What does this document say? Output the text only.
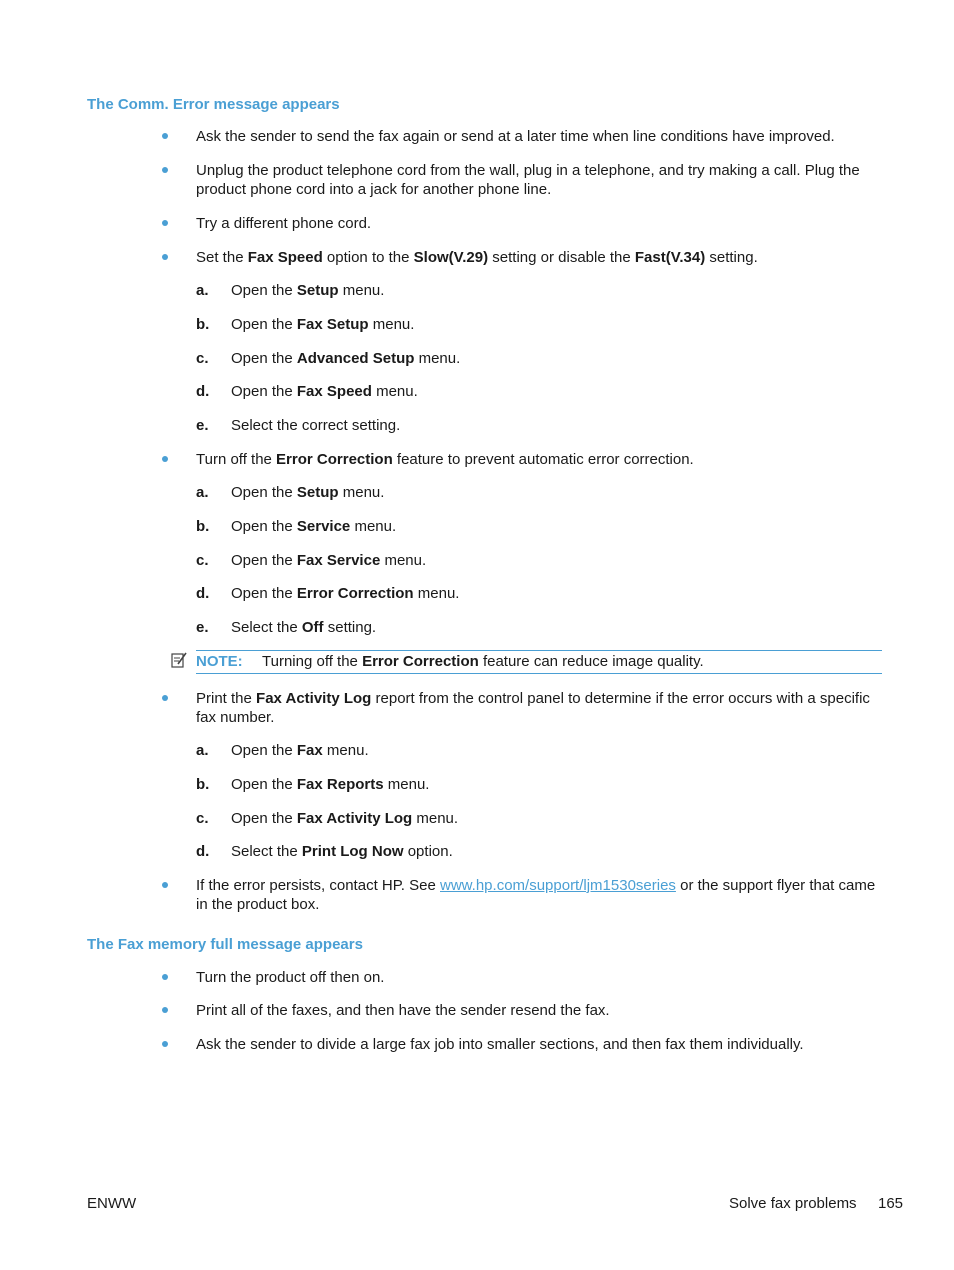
The Comm. Error message appears
Ask the sender to send the fax again or send at a later time when line conditions have improved.
Unplug the product telephone cord from the wall, plug in a telephone, and try making a call. Plug the product phone cord into a jack for another phone line.
Try a different phone cord.
Set the Fax Speed option to the Slow(V.29) setting or disable the Fast(V.34) setting.
a. Open the Setup menu.
b. Open the Fax Setup menu.
c. Open the Advanced Setup menu.
d. Open the Fax Speed menu.
e. Select the correct setting.
Turn off the Error Correction feature to prevent automatic error correction.
a. Open the Setup menu.
b. Open the Service menu.
c. Open the Fax Service menu.
d. Open the Error Correction menu.
e. Select the Off setting.
NOTE: Turning off the Error Correction feature can reduce image quality.
Print the Fax Activity Log report from the control panel to determine if the error occurs with a specific fax number.
a. Open the Fax menu.
b. Open the Fax Reports menu.
c. Open the Fax Activity Log menu.
d. Select the Print Log Now option.
If the error persists, contact HP. See www.hp.com/support/ljm1530series or the support flyer that came in the product box.
The Fax memory full message appears
Turn the product off then on.
Print all of the faxes, and then have the sender resend the fax.
Ask the sender to divide a large fax job into smaller sections, and then fax them individually.
ENWW	Solve fax problems 165
